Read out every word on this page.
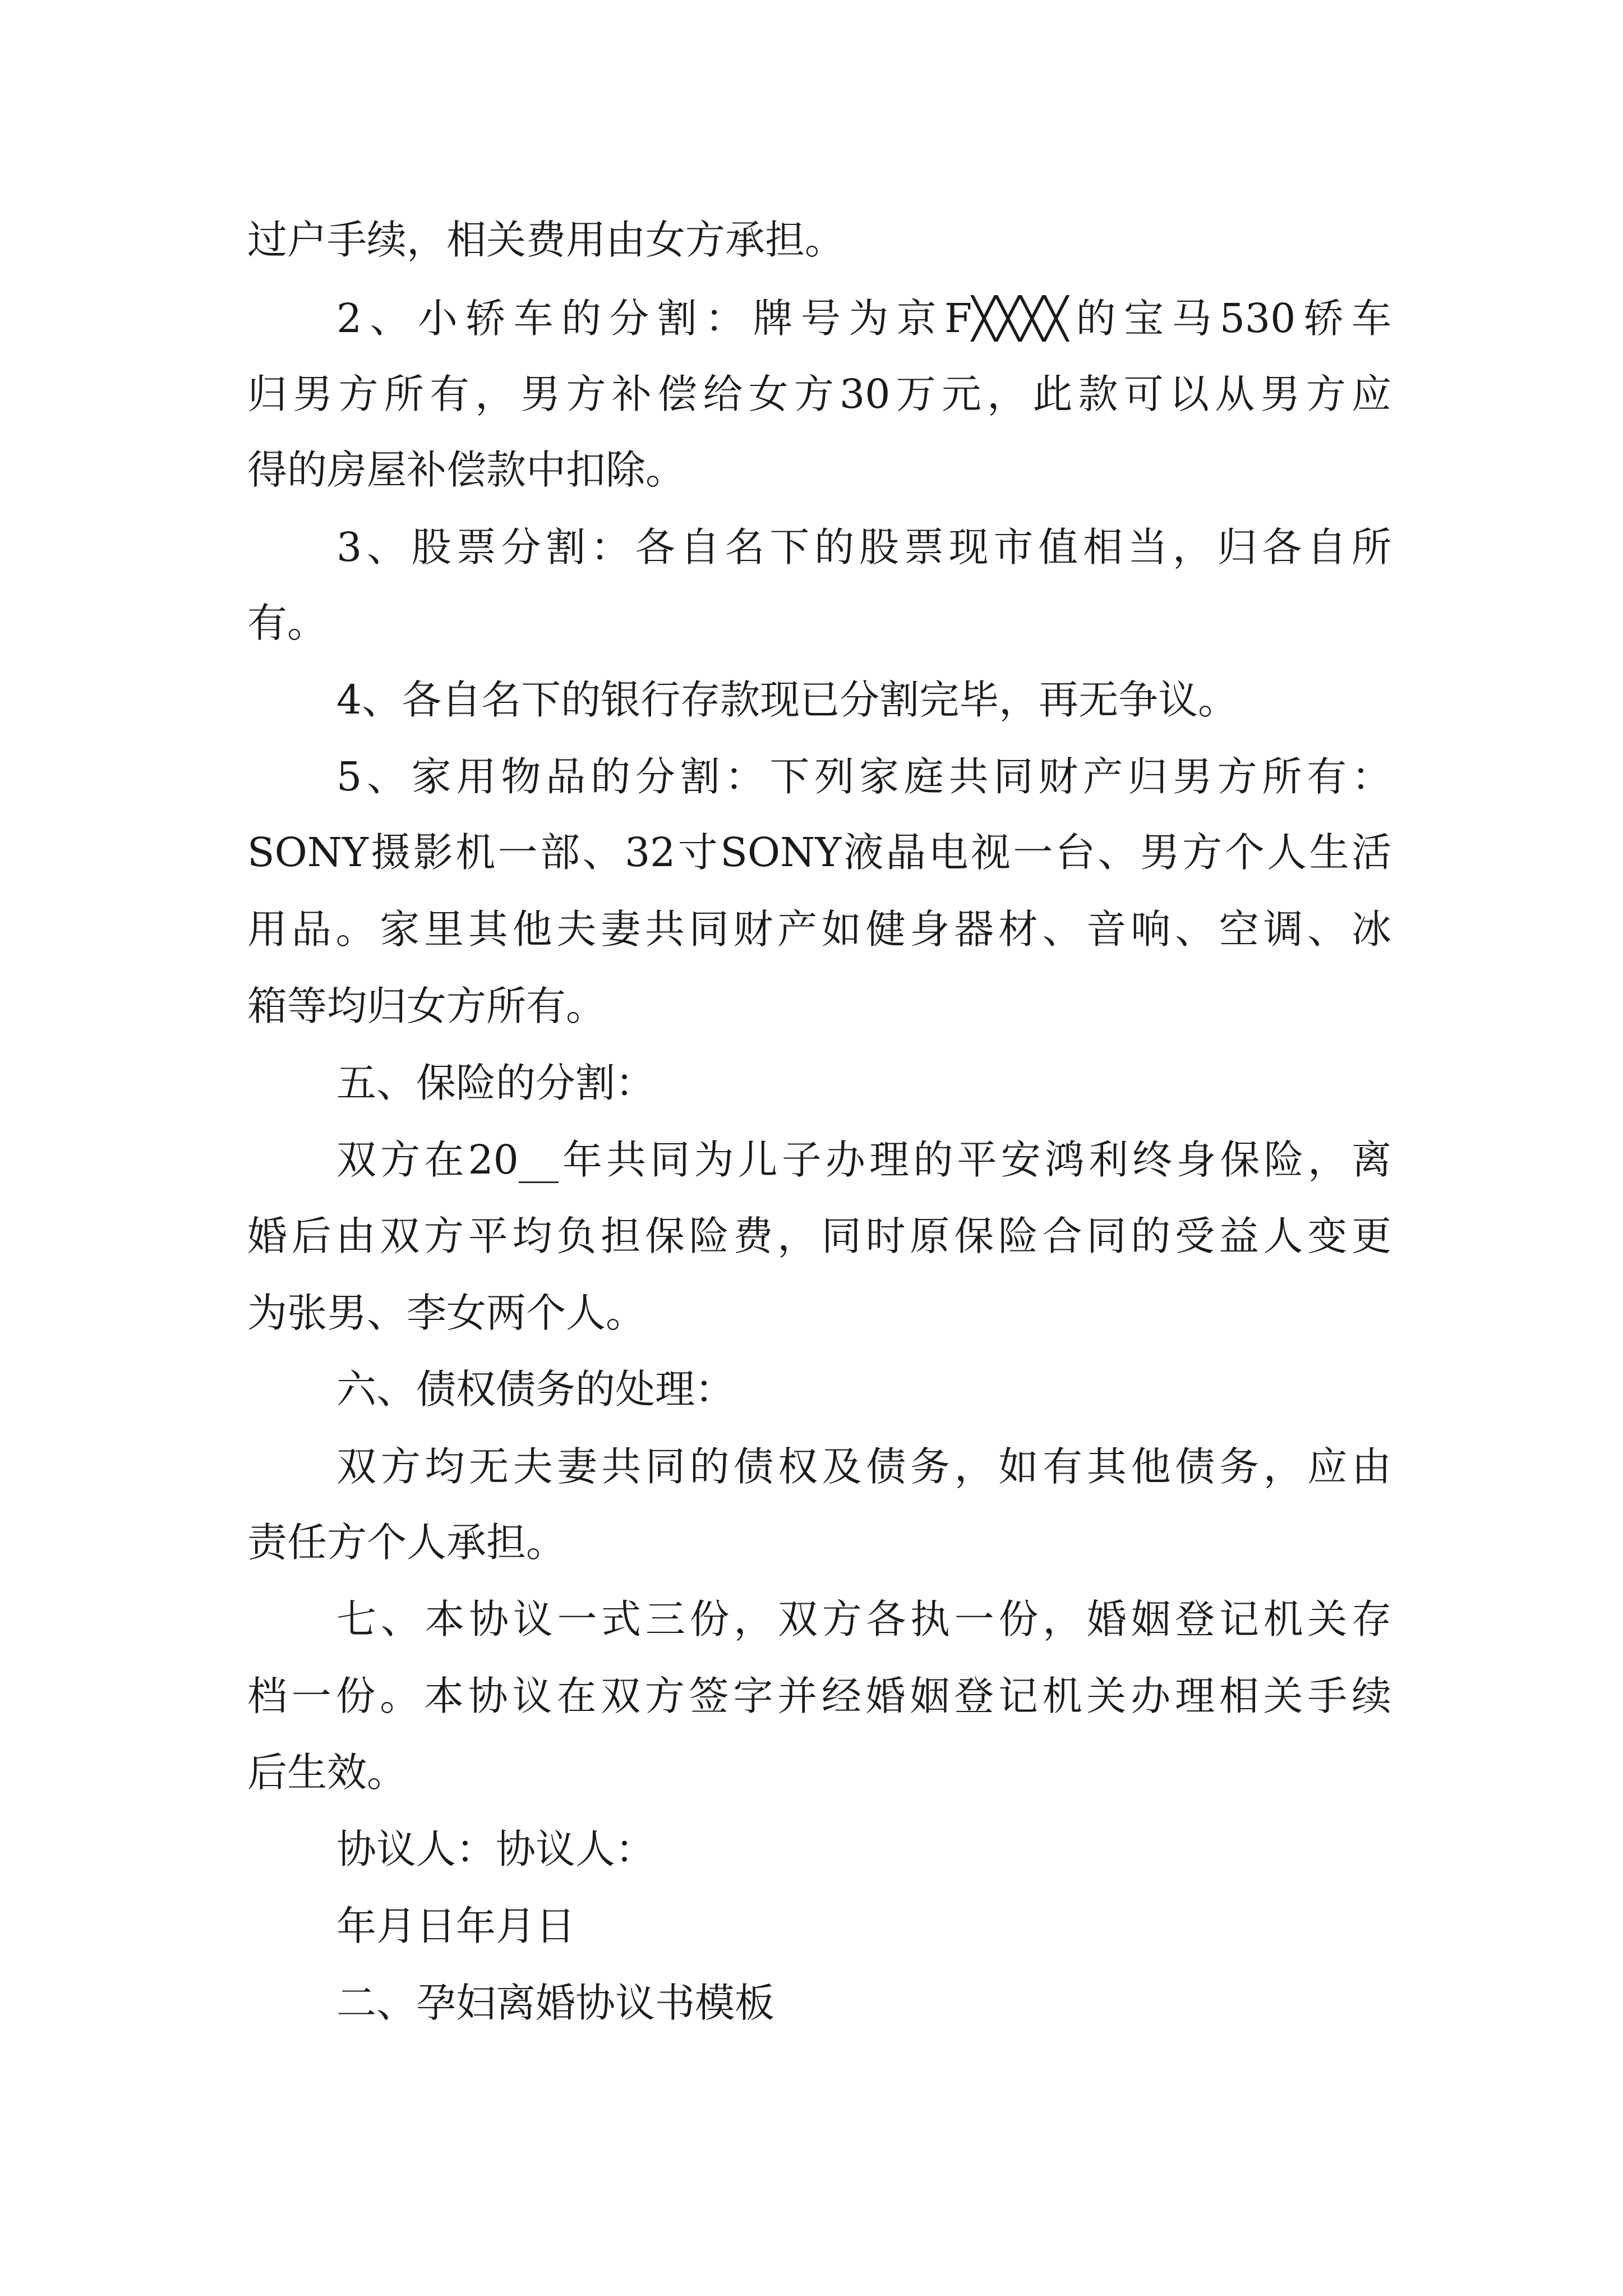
过户手续，相关费用由女方承担。
2、小轿车的分割：牌号为京F╳╳╳╳的宝马530轿车
归男方所有，男方补偿给女方30万元，此款可以从男方应
得的房屋补偿款中扣除。
3、股票分割：各自名下的股票现市值相当，归各自所
有。
4、各自名下的银行存款现已分割完毕，再无争议。
5、家用物品的分割：下列家庭共同财产归男方所有：
SONY摄影机一部、32寸SONY液晶电视一台、男方个人生活
用品。家里其他夫妻共同财产如健身器材、音响、空调、冰
箱等均归女方所有。
五、保险的分割：
双方在20__年共同为儿子办理的平安鸿利终身保险，离
婚后由双方平均负担保险费，同时原保险合同的受益人变更
为张男、李女两个人。
六、债权债务的处理：
双方均无夫妻共同的债权及债务，如有其他债务，应由
责任方个人承担。
七、本协议一式三份，双方各执一份，婚姻登记机关存
档一份。本协议在双方签字并经婚姻登记机关办理相关手续
后生效。
协议人：协议人：
年月日年月日
二、孕妇离婚协议书模板
